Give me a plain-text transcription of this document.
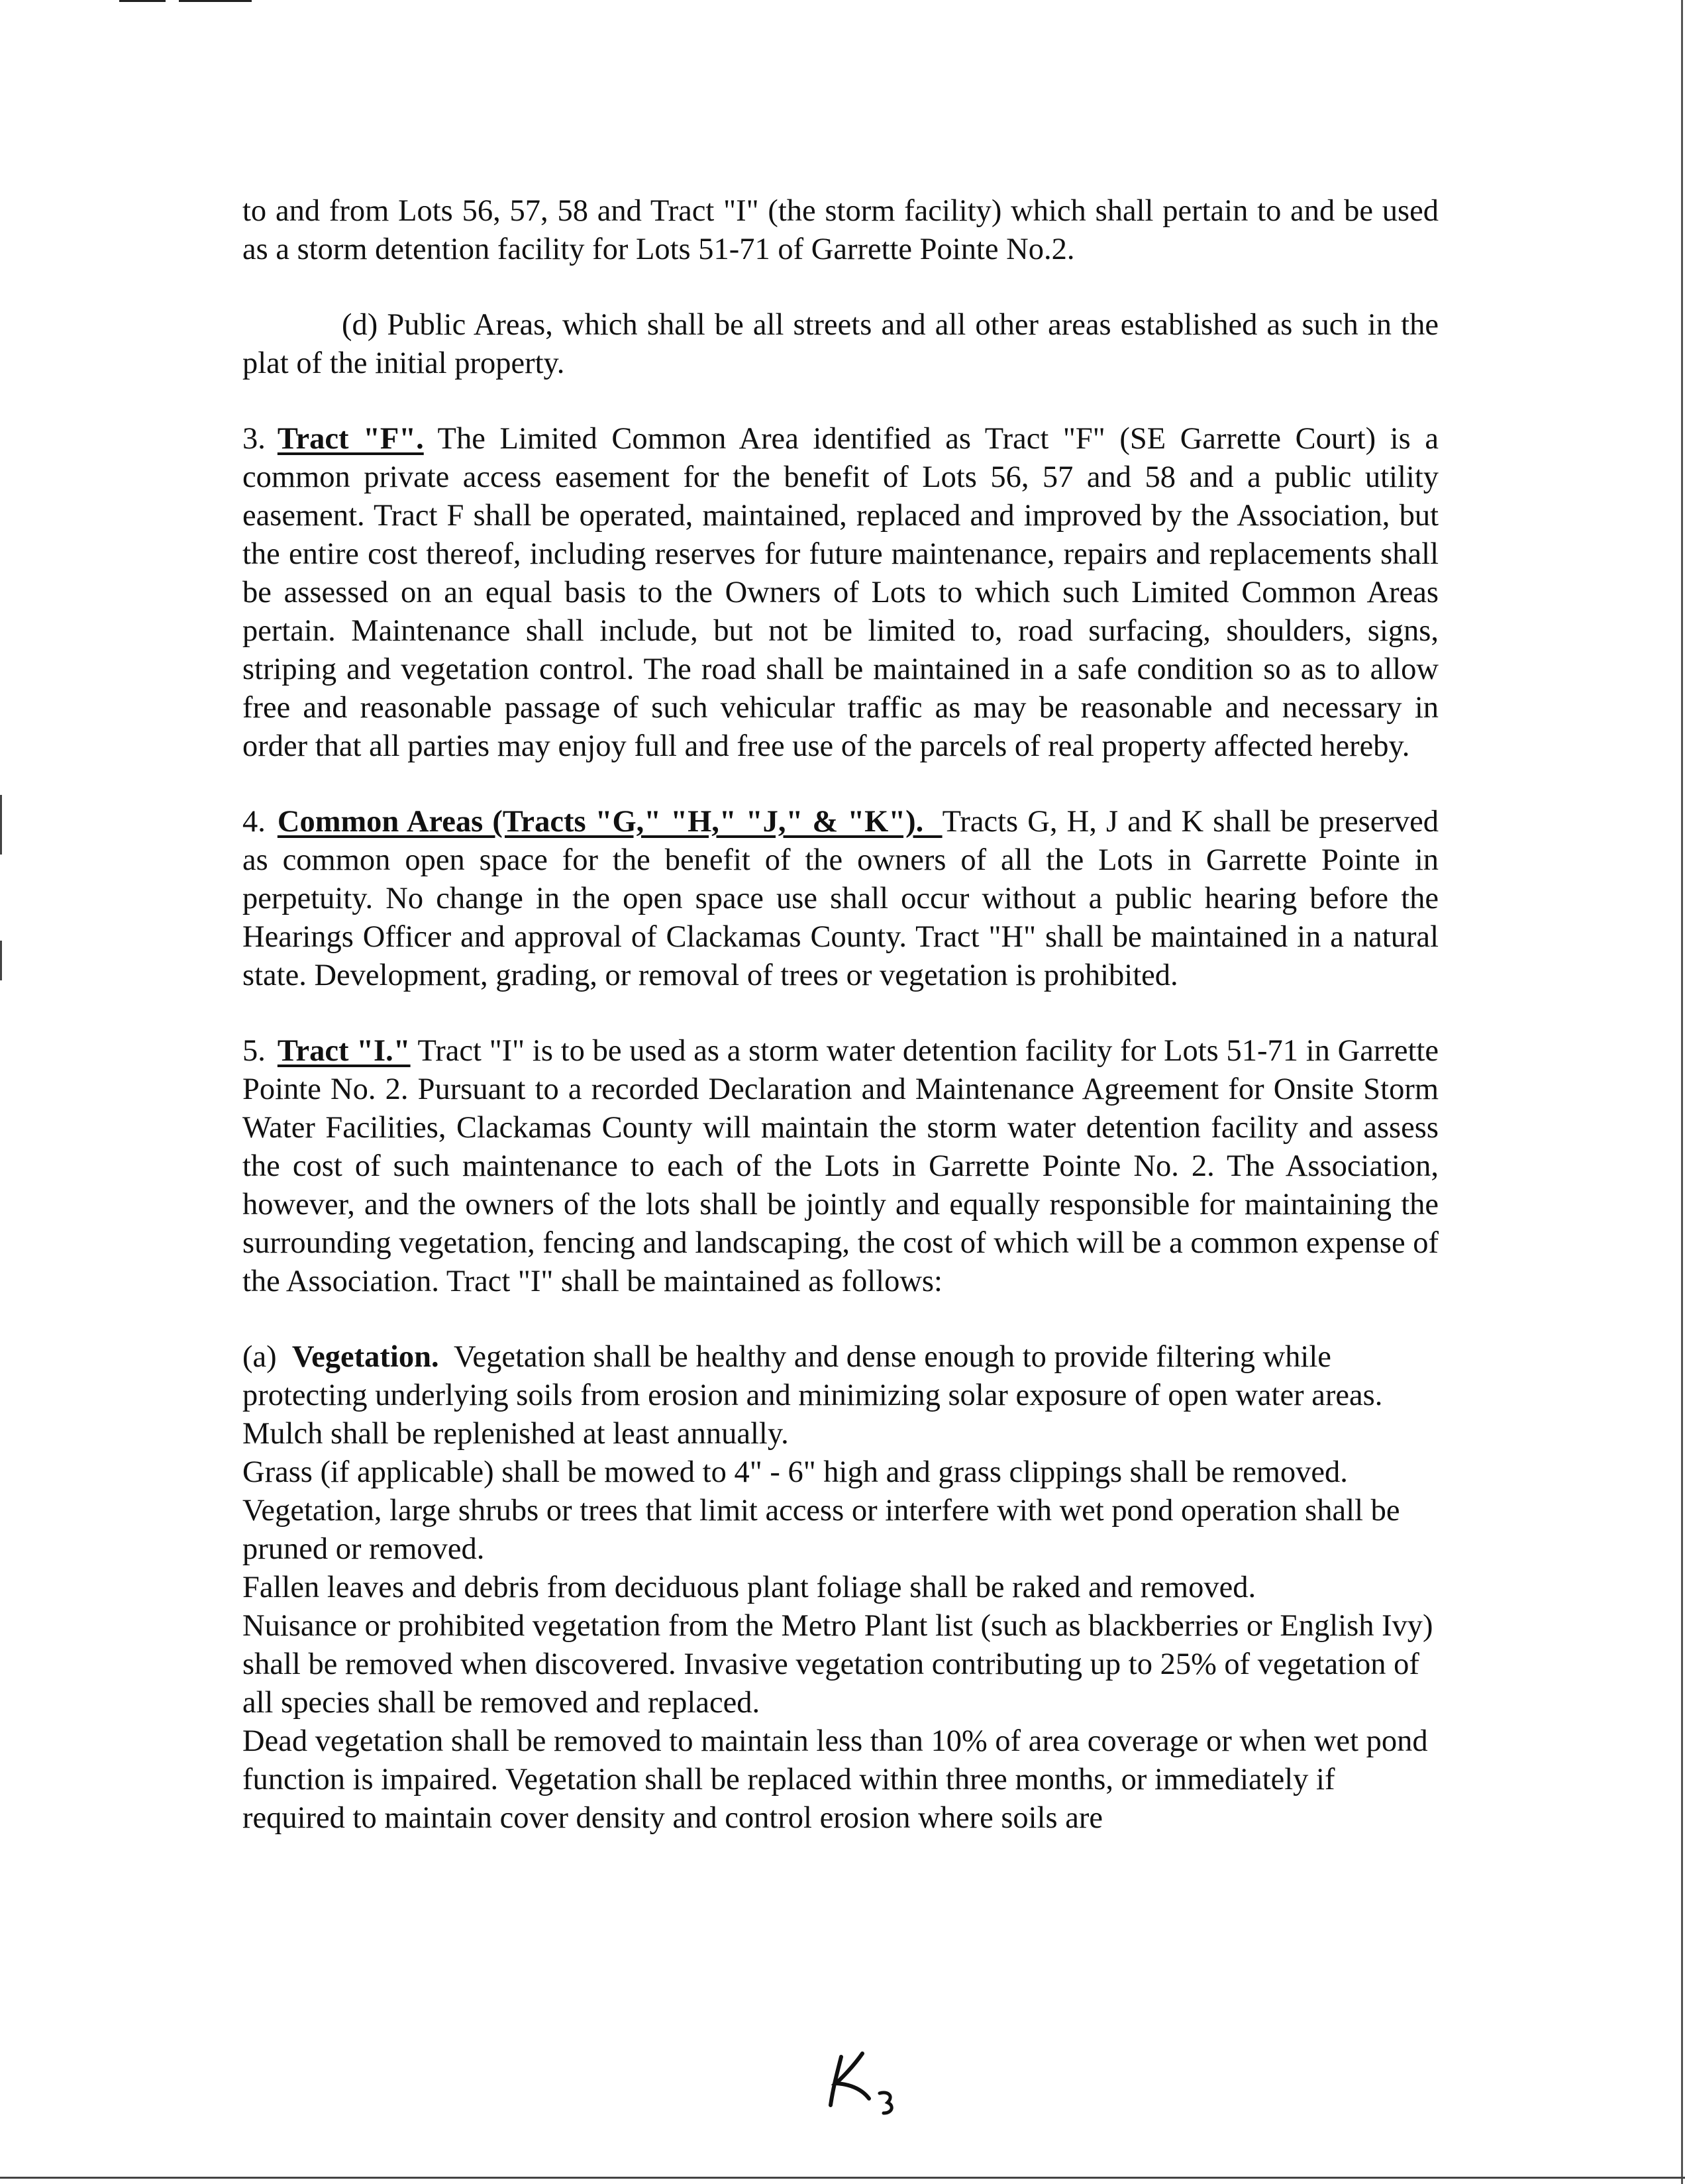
to and from Lots 56, 57, 58 and Tract "I" (the storm facility) which shall pertain to and be used as a storm detention facility for Lots 51-71 of Garrette Pointe No.2.

(d) Public Areas, which shall be all streets and all other areas established as such in the plat of the initial property.

3. Tract "F". The Limited Common Area identified as Tract "F" (SE Garrette Court) is a common private access easement for the benefit of Lots 56, 57 and 58 and a public utility easement. Tract F shall be operated, maintained, replaced and improved by the Association, but the entire cost thereof, including reserves for future maintenance, repairs and replacements shall be assessed on an equal basis to the Owners of Lots to which such Limited Common Areas pertain. Maintenance shall include, but not be limited to, road surfacing, shoulders, signs, striping and vegetation control. The road shall be maintained in a safe condition so as to allow free and reasonable passage of such vehicular traffic as may be reasonable and necessary in order that all parties may enjoy full and free use of the parcels of real property affected hereby.

4. Common Areas (Tracts "G," "H," "J," & "K").  Tracts G, H, J and K shall be preserved as common open space for the benefit of the owners of all the Lots in Garrette Pointe in perpetuity. No change in the open space use shall occur without a public hearing before the Hearings Officer and approval of Clackamas County. Tract "H" shall be maintained in a natural state. Development, grading, or removal of trees or vegetation is prohibited.

5. Tract "I." Tract "I" is to be used as a storm water detention facility for Lots 51-71 in Garrette Pointe No. 2. Pursuant to a recorded Declaration and Maintenance Agreement for Onsite Storm Water Facilities, Clackamas County will maintain the storm water detention facility and assess the cost of such maintenance to each of the Lots in Garrette Pointe No. 2. The Association, however, and the owners of the lots shall be jointly and equally responsible for maintaining the surrounding vegetation, fencing and landscaping, the cost of which will be a common expense of the Association. Tract "I" shall be maintained as follows:

(a) Vegetation. Vegetation shall be healthy and dense enough to provide filtering while protecting underlying soils from erosion and minimizing solar exposure of open water areas. Mulch shall be replenished at least annually.

Grass (if applicable) shall be mowed to 4" - 6" high and grass clippings shall be removed.

Vegetation, large shrubs or trees that limit access or interfere with wet pond operation shall be pruned or removed.

Fallen leaves and debris from deciduous plant foliage shall be raked and removed.

Nuisance or prohibited vegetation from the Metro Plant list (such as blackberries or English Ivy) shall be removed when discovered. Invasive vegetation contributing up to 25% of vegetation of all species shall be removed and replaced.

Dead vegetation shall be removed to maintain less than 10% of area coverage or when wet pond function is impaired. Vegetation shall be replaced within three months, or immediately if required to maintain cover density and control erosion where soils are
